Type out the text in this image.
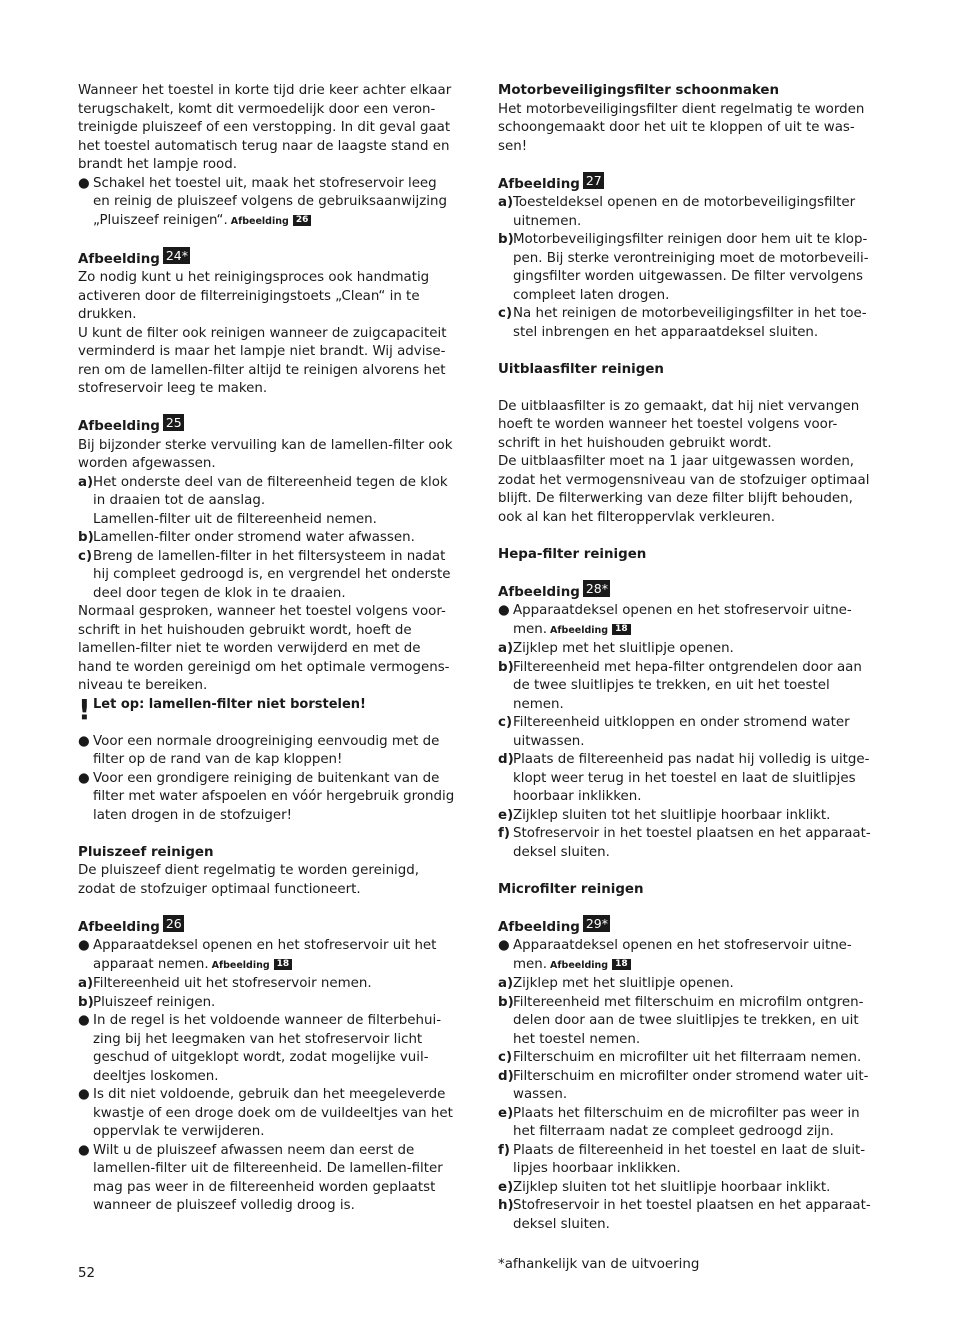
Wanneer het toestel in korte tijd drie keer achter elkaar

terugschakelt, komt dit vermoedelijk door een veron-

treinigde pluiszeef of een verstopping. In dit geval gaat

het toestel automatisch terug naar de laagste stand en

brandt het lampje rood.

● Schakel het toestel uit, maak het stofreservoir leeg

en reinig de pluiszeef volgens de gebruiksaanwijzing

„Pluiszeef reinigen“. Afbeelding 26

Afbeelding 24*

Zo nodig kunt u het reinigingsproces ook handmatig

activeren door de filterreinigingstoets „Clean“ in te

drukken.

U kunt de filter ook reinigen wanneer de zuigcapaciteit

verminderd is maar het lampje niet brandt. Wij advise-

ren om de lamellen-filter altijd te reinigen alvorens het

stofreservoir leeg te maken.

Afbeelding 25

Bij bijzonder sterke vervuiling kan de lamellen-filter ook

worden afgewassen.

a) Het onderste deel van de filtereenheid tegen de klok

in draaien tot de aanslag.

Lamellen-filter uit de filtereenheid nemen.

b) Lamellen-filter onder stromend water afwassen.

c) Breng de lamellen-filter in het filtersysteem in nadat

hij compleet gedroogd is, en vergrendel het onderste

deel door tegen de klok in te draaien.

Normaal gesproken, wanneer het toestel volgens voor-

schrift in het huishouden gebruikt wordt, hoeft de

lamellen-filter niet te worden verwijderd en met de

hand te worden gereinigd om het optimale vermogens-

niveau te bereiken.

! Let op: lamellen-filter niet borstelen!

● Voor een normale droogreiniging eenvoudig met de

filter op de rand van de kap kloppen!

● Voor een grondigere reiniging de buitenkant van de

filter met water afspoelen en vóór hergebruik grondig

laten drogen in de stofzuiger!

Pluiszeef reinigen

De pluiszeef dient regelmatig te worden gereinigd,

zodat de stofzuiger optimaal functioneert.

Afbeelding 26

● Apparaatdeksel openen en het stofreservoir uit het

apparaat nemen. Afbeelding 18

a) Filtereenheid uit het stofreservoir nemen.

b) Pluiszeef reinigen.

● In de regel is het voldoende wanneer de filterbehui-

zing bij het leegmaken van het stofreservoir licht

geschud of uitgeklopt wordt, zodat mogelijke vuil-

deeltjes loskomen.

● Is dit niet voldoende, gebruik dan het meegeleverde

kwastje of een droge doek om de vuildeeltjes van het

oppervlak te verwijderen.

● Wilt u de pluiszeef afwassen neem dan eerst de

lamellen-filter uit de filtereenheid. De lamellen-filter

mag pas weer in de filtereenheid worden geplaatst

wanneer de pluiszeef volledig droog is.

Motorbeveiligingsfilter schoonmaken

Het motorbeveiligingsfilter dient regelmatig te worden

schoongemaakt door het uit te kloppen of uit te was-

sen!

Afbeelding 27

a) Toesteldeksel openen en de motorbeveiligingsfilter

uitnemen.

b) Motorbeveiligingsfilter reinigen door hem uit te klop-

pen. Bij sterke verontreiniging moet de motorbeveili-

gingsfilter worden uitgewassen. De filter vervolgens

compleet laten drogen.

c) Na het reinigen de motorbeveiligingsfilter in het toe-

stel inbrengen en het apparaatdeksel sluiten.

Uitblaasfilter reinigen

De uitblaasfilter is zo gemaakt, dat hij niet vervangen

hoeft te worden wanneer het toestel volgens voor-

schrift in het huishouden gebruikt wordt.

De uitblaasfilter moet na 1 jaar uitgewassen worden,

zodat het vermogensniveau van de stofzuiger optimaal

blijft. De filterwerking van deze filter blijft behouden,

ook al kan het filteroppervlak verkleuren.

Hepa-filter reinigen

Afbeelding 28*

● Apparaatdeksel openen en het stofreservoir uitne-

men. Afbeelding 18

a) Zijklep met het sluitlipje openen.

b) Filtereenheid met hepa-filter ontgrendelen door aan

de twee sluitlipjes te trekken, en uit het toestel

nemen.

c) Filtereenheid uitkloppen en onder stromend water

uitwassen.

d) Plaats de filtereenheid pas nadat hij volledig is uitge-

klopt weer terug in het toestel en laat de sluitlipjes

hoorbaar inklikken.

e) Zijklep sluiten tot het sluitlipje hoorbaar inklikt.

f) Stofreservoir in het toestel plaatsen en het apparaat-

deksel sluiten.

Microfilter reinigen

Afbeelding 29*

● Apparaatdeksel openen en het stofreservoir uitne-

men. Afbeelding 18

a) Zijklep met het sluitlipje openen.

b) Filtereenheid met filterschuim en microfilm ontgren-

delen door aan de twee sluitlipjes te trekken, en uit

het toestel nemen.

c) Filterschuim en microfilter uit het filterraam nemen.

d) Filterschuim en microfilter onder stromend water uit-

wassen.

e) Plaats het filterschuim en de microfilter pas weer in

het filterraam nadat ze compleet gedroogd zijn.

f) Plaats de filtereenheid in het toestel en laat de sluit-

lipjes hoorbaar inklikken.

e) Zijklep sluiten tot het sluitlipje hoorbaar inklikt.

h) Stofreservoir in het toestel plaatsen en het apparaat-

deksel sluiten.

52
*afhankelijk van de uitvoering
